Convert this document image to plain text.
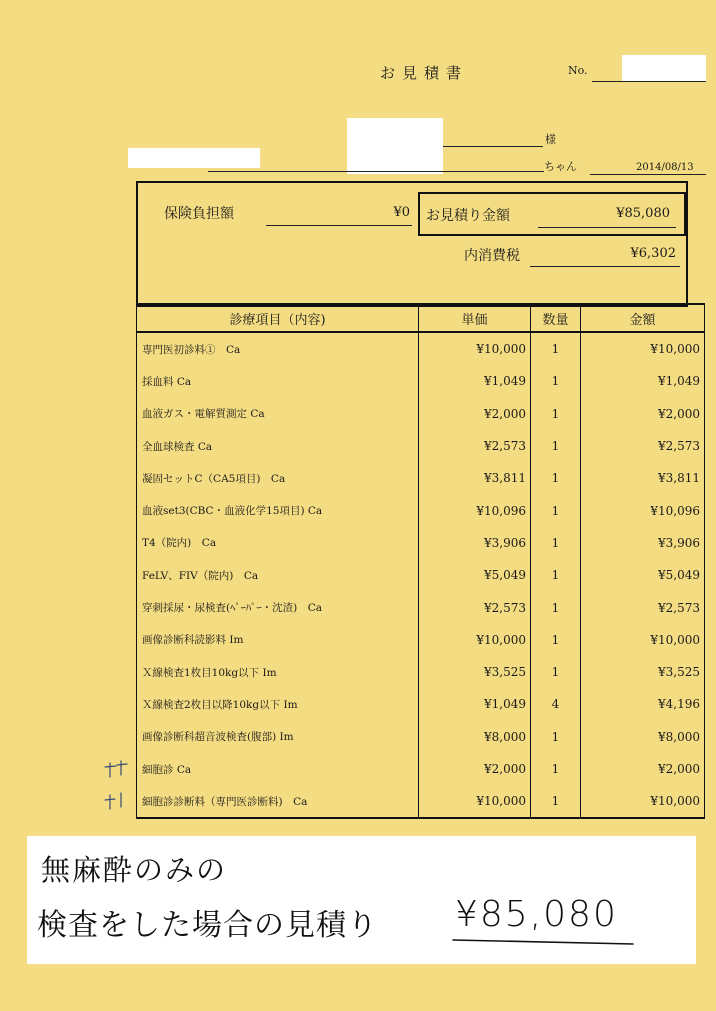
お見積書	No.
様
ちゃん	2014/08/13
保険負担額	¥0 お見積り金額	¥85,080
内消費税	¥6,302
診療項目（内容)	単価	数量	金額
専門医初診料①　Ca	¥10,000	1	¥10,000
採血料 Ca	¥1,049	1	¥1,049
血液ガス・電解質測定 Ca	¥2,000	1	¥2,000
全血球検査 Ca	¥2,573	1	¥2,573
凝固セットC（CA5項目)　Ca	¥3,811	1	¥3,811
血液set3(CBC・血液化学15項目) Ca	¥10,096	1	¥10,096
T4（院内)　Ca	¥3,906	1	¥3,906
FeLV、FIV（院内)　Ca	¥5,049	1	¥5,049
穿刺採尿・尿検査(ﾍﾟｰﾊﾟｰ・沈渣)　Ca	¥2,573	1	¥2,573
画像診断科読影料 Im	¥10,000	1	¥10,000
Ｘ線検査1枚目10kg以下 Im	¥3,525	1	¥3,525
Ｘ線検査2枚目以降10kg以下 Im	¥1,049	4	¥4,196
画像診断科超音波検査(腹部) Im	¥8,000	1	¥8,000
細胞診 Ca	¥2,000	1	¥2,000
細胞診診断料（専門医診断料)　Ca	¥10,000	1	¥10,000
無麻酔のみの
検査をした場合の見積り ¥85,080
